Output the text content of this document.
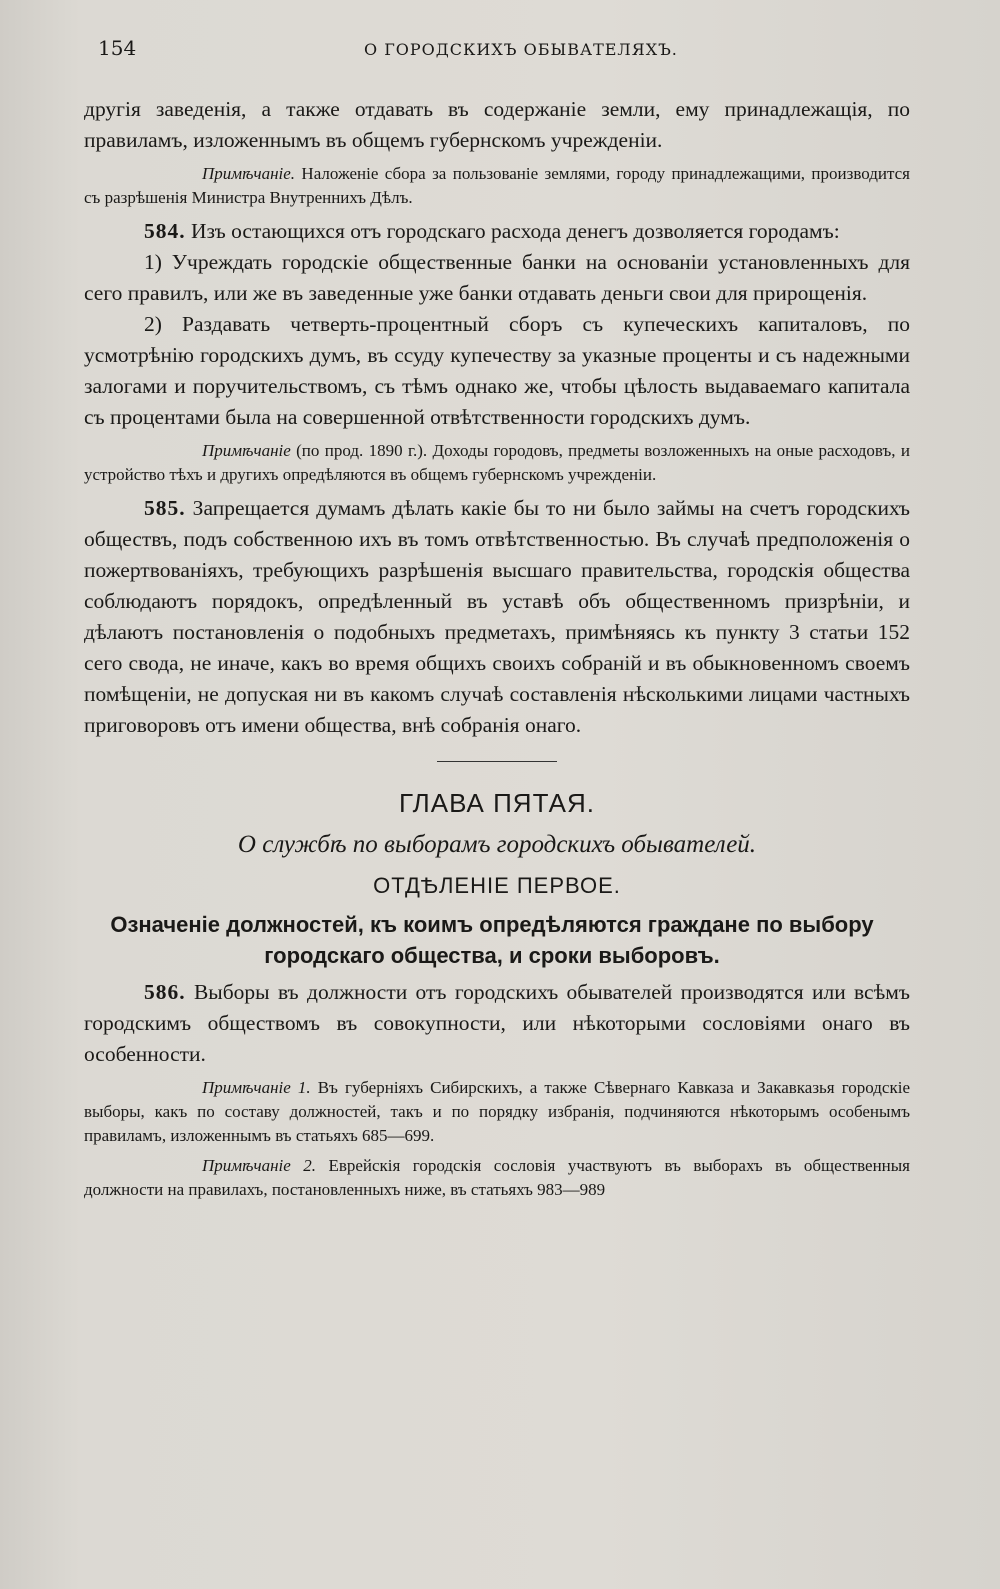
154	О ГОРОДСКИХЪ ОБЫВАТЕЛЯХЪ.

другія заведенія, а также отдавать въ содержаніе земли, ему принадлежащія, по правиламъ, изложеннымъ въ общемъ губернскомъ учрежденіи.

Примѣчаніе. Наложеніе сбора за пользованіе землями, городу принадлежащими, производится съ разрѣшенія Министра Внутреннихъ Дѣлъ.

584. Изъ остающихся отъ городскаго расхода денегъ дозволяется городамъ:

1) Учреждать городскіе общественные банки на основаніи установленныхъ для сего правилъ, или же въ заведенные уже банки отдавать деньги свои для прирощенія.

2) Раздавать четверть-процентный сборъ съ купеческихъ капиталовъ, по усмотрѣнію городскихъ думъ, въ ссуду купечеству за указные проценты и съ надежными залогами и поручительствомъ, съ тѣмъ однако же, чтобы цѣлость выдаваемаго капитала съ процентами была на совершенной отвѣтственности городскихъ думъ.

Примѣчаніе (по прод. 1890 г.). Доходы городовъ, предметы возложенныхъ на оные расходовъ, и устройство тѣхъ и другихъ опредѣляются въ общемъ губернскомъ учрежденіи.

585. Запрещается думамъ дѣлать какіе бы то ни было займы на счетъ городскихъ обществъ, подъ собственною ихъ въ томъ отвѣтственностью. Въ случаѣ предположенія о пожертвованіяхъ, требующихъ разрѣшенія высшаго правительства, городскія общества соблюдаютъ порядокъ, опредѣленный въ уставѣ объ общественномъ призрѣніи, и дѣлаютъ постановленія о подобныхъ предметахъ, примѣняясь къ пункту 3 статьи 152 сего свода, не иначе, какъ во время общихъ своихъ собраній и въ обыкновенномъ своемъ помѣщеніи, не допуская ни въ какомъ случаѣ составленія нѣсколькими лицами частныхъ приговоровъ отъ имени общества, внѣ собранія онаго.

ГЛАВА ПЯТАЯ.

О службѣ по выборамъ городскихъ обывателей.

ОТДѢЛЕНІЕ ПЕРВОЕ.

Означеніе должностей, къ коимъ опредѣляются граждане по выбору городскаго общества, и сроки выборовъ.

586. Выборы въ должности отъ городскихъ обывателей производятся или всѣмъ городскимъ обществомъ въ совокупности, или нѣкоторыми сословіями онаго въ особенности.

Примѣчаніе 1. Въ губерніяхъ Сибирскихъ, а также Сѣвернаго Кавказа и Закавказья городскіе выборы, какъ по составу должностей, такъ и по порядку избранія, подчиняются нѣкоторымъ особенымъ правиламъ, изложеннымъ въ статьяхъ 685—699.

Примѣчаніе 2. Еврейскія городскія сословія участвуютъ въ выборахъ въ общественныя должности на правилахъ, постановленныхъ ниже, въ статьяхъ 983—989
